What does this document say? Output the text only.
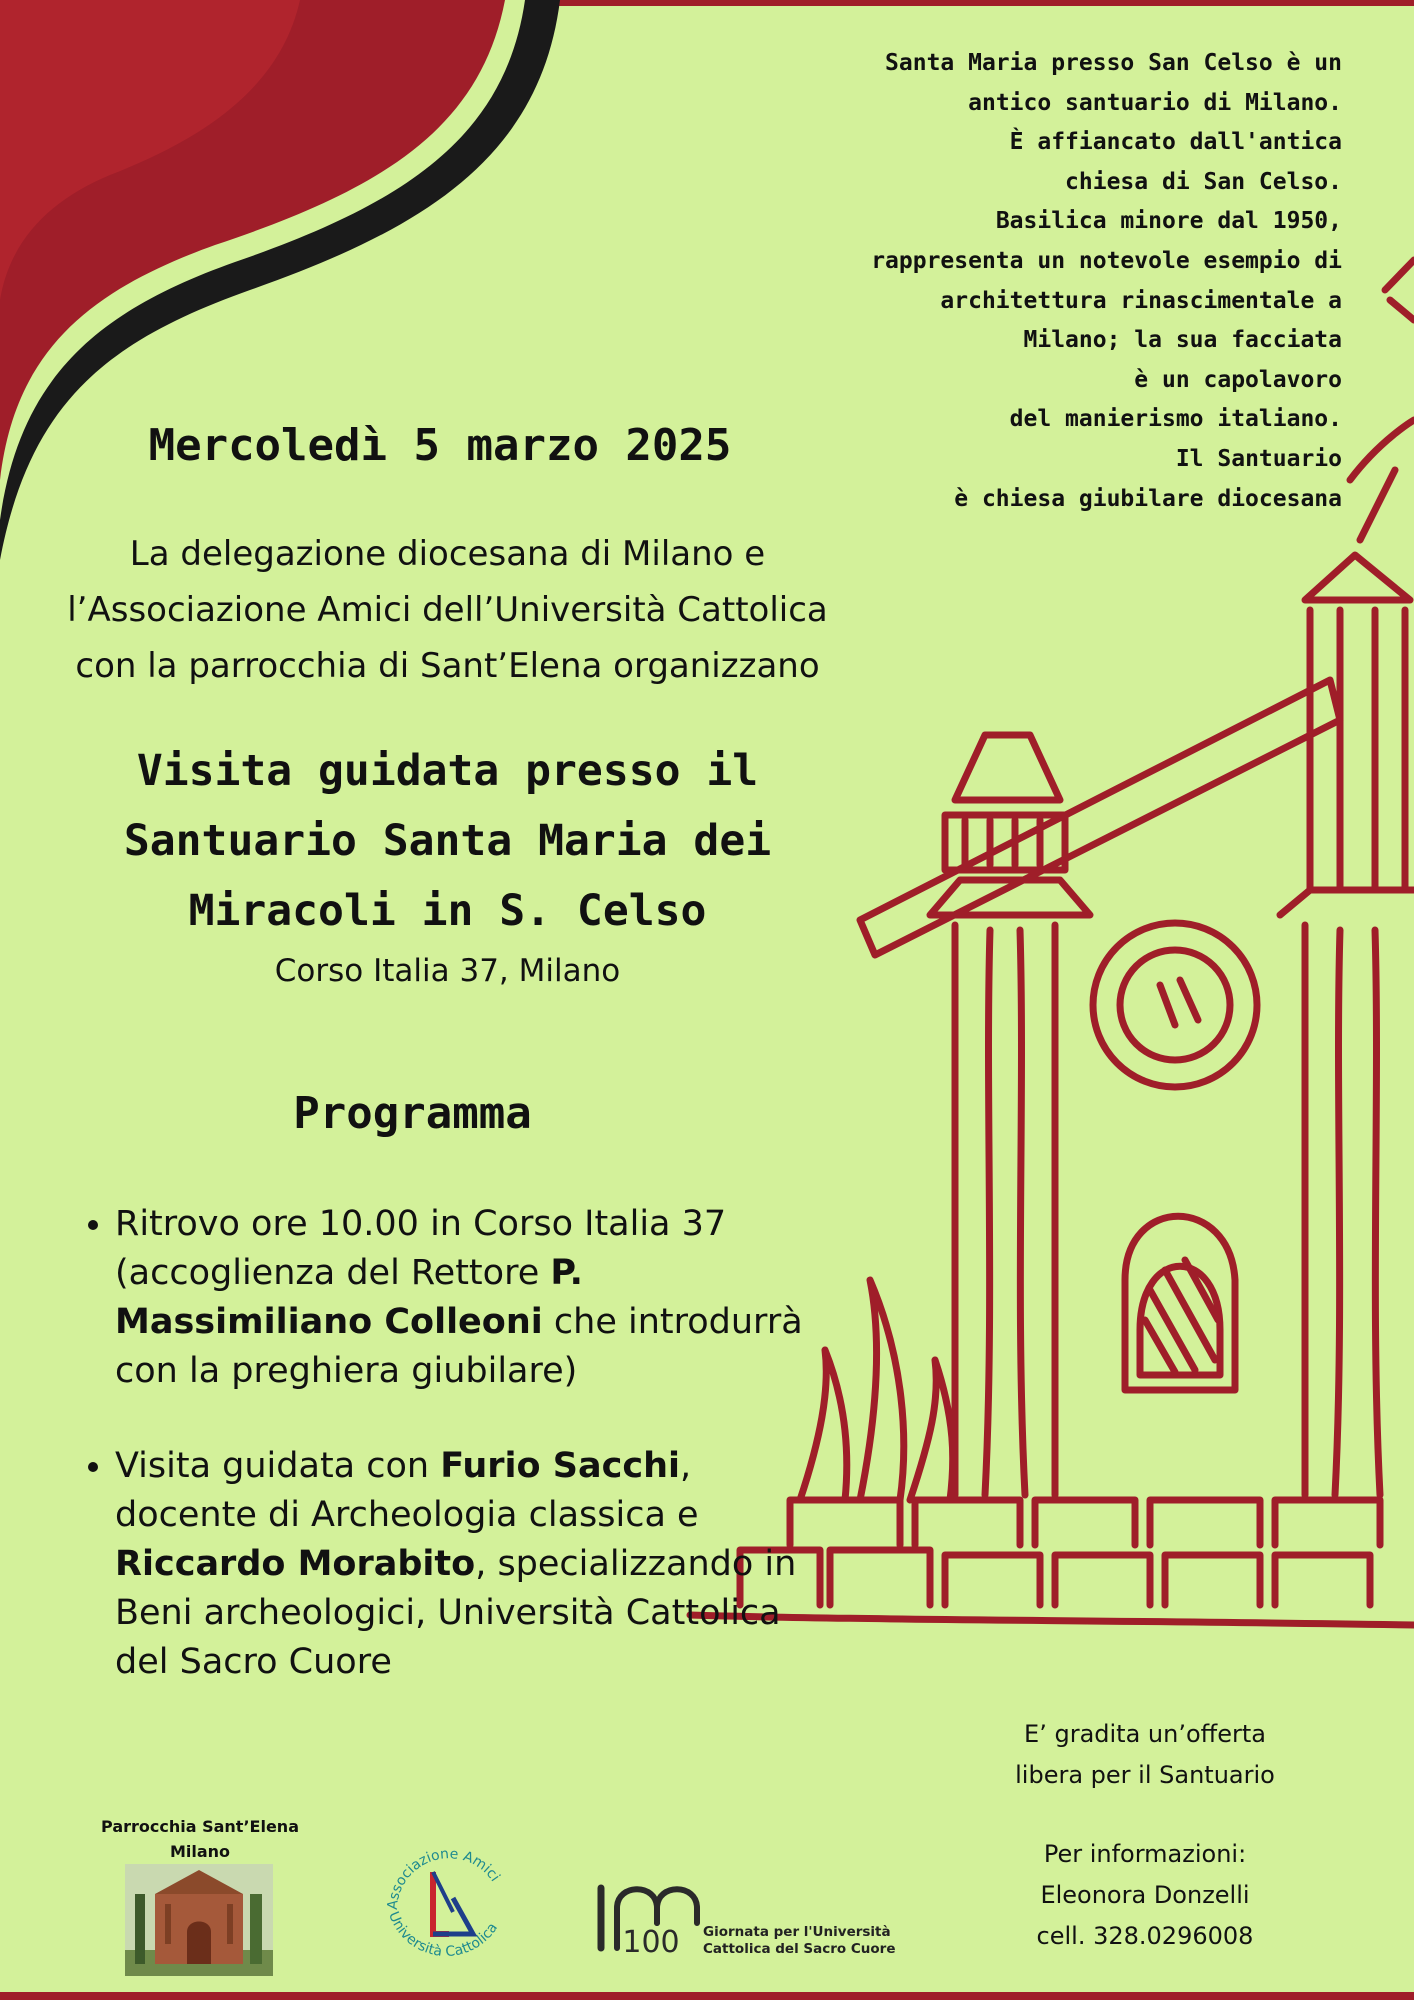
Santa Maria presso San Celso è un
antico santuario di Milano.
È affiancato dall'antica
chiesa di San Celso.
Basilica minore dal 1950,
rappresenta un notevole esempio di
architettura rinascimentale a
Milano; la sua facciata
è un capolavoro
del manierismo italiano.
Il Santuario
è chiesa giubilare diocesana
Mercoledì 5 marzo 2025
La delegazione diocesana di Milano e
l’Associazione Amici dell’Università Cattolica
con la parrocchia di Sant’Elena organizzano
Visita guidata presso il
Santuario Santa Maria dei
Miracoli in S. Celso
Corso Italia 37, Milano
Programma
• Ritrovo ore 10.00 in Corso Italia 37 (accoglienza del Rettore P. Massimiliano Colleoni che introdurrà con la preghiera giubilare)
• Visita guidata con Furio Sacchi, docente di Archeologia classica e Riccardo Morabito, specializzando in Beni archeologici, Università Cattolica del Sacro Cuore
E’ gradita un’offerta
libera per il Santuario
Per informazioni:
Eleonora Donzelli
cell. 328.0296008
Parrocchia Sant’Elena
Milano
Associazione Amici
Università Cattolica	100 Giornata per l'Università
Cattolica del Sacro Cuore
